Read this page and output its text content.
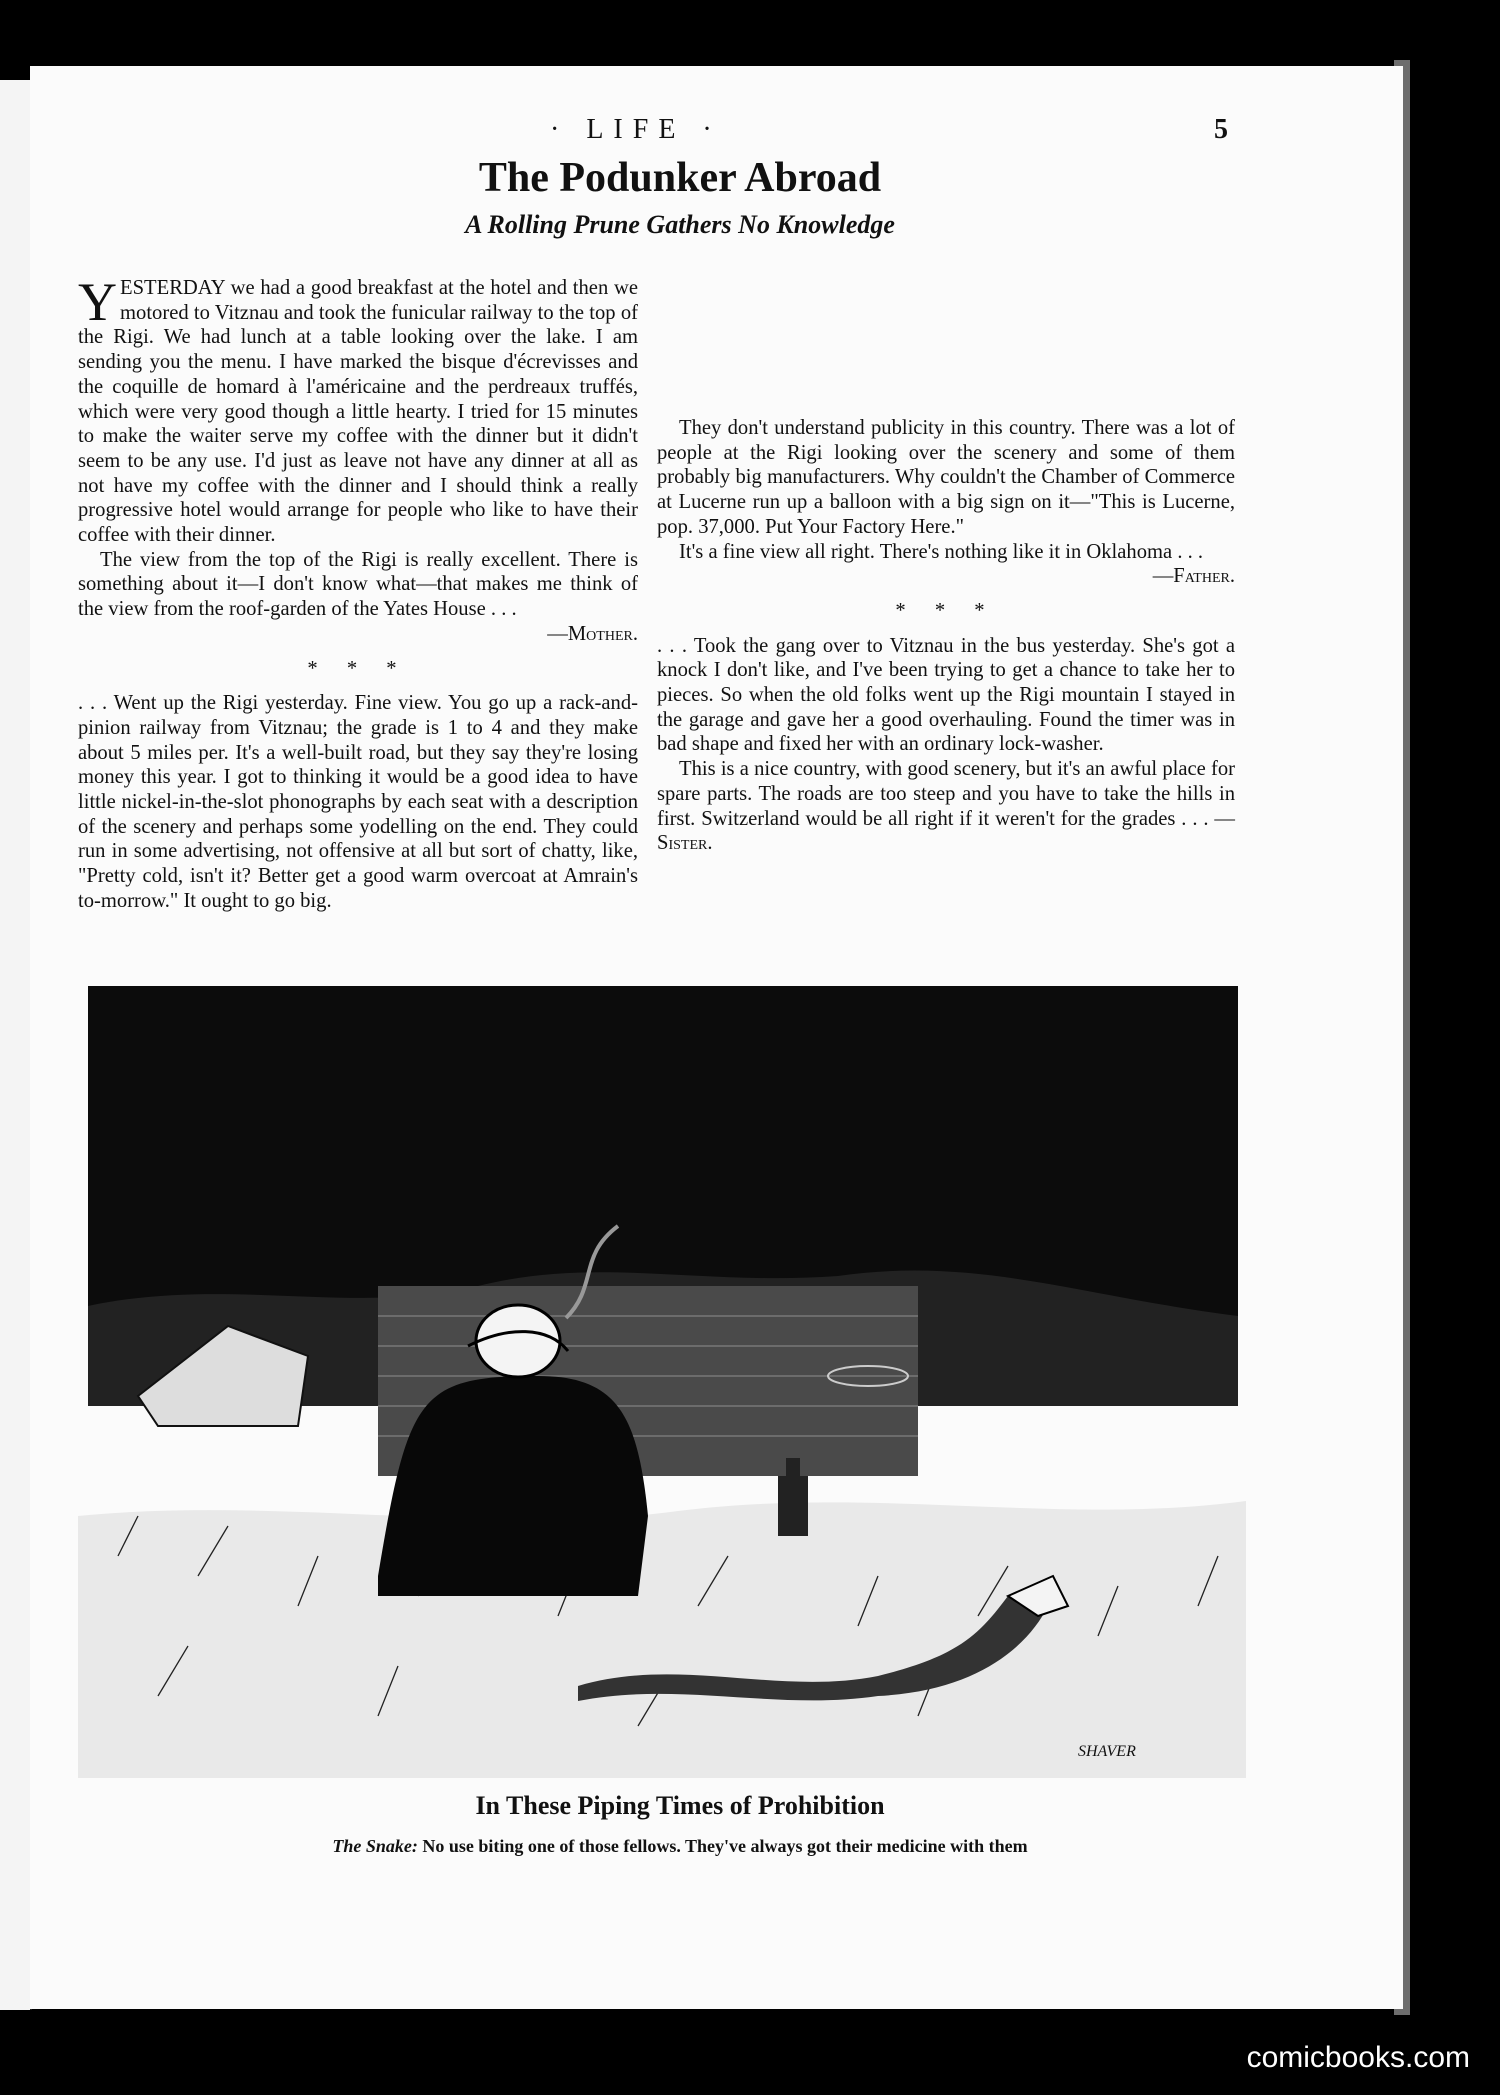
· LIFE ·	5
The Podunker Abroad
A Rolling Prune Gathers No Knowledge

YESTERDAY we had a good breakfast at the hotel and then we motored to Vitznau and took the funicular railway to the top of the Rigi. We had lunch at a table looking over the lake. I am sending you the menu. I have marked the bisque d'écrevisses and the coquille de homard à l'américaine and the perdreaux truffés, which were very good though a little hearty. I tried for 15 minutes to make the waiter serve my coffee with the dinner but it didn't seem to be any use. I'd just as leave not have any dinner at all as not have my coffee with the dinner and I should think a really progressive hotel would arrange for people who like to have their coffee with their dinner.

The view from the top of the Rigi is really excellent. There is something about it—I don't know what—that makes me think of the view from the roof-garden of the Yates House . . .

—Mother.

* * *

. . . Went up the Rigi yesterday. Fine view. You go up a rack-and-pinion railway from Vitznau; the grade is 1 to 4 and they make about 5 miles per. It's a well-built road, but they say they're losing money this year. I got to thinking it would be a good idea to have little nickel-in-the-slot phonographs by each seat with a description of the scenery and perhaps some yodelling on the end. They could run in some advertising, not offensive at all but sort of chatty, like, "Pretty cold, isn't it? Better get a good warm overcoat at Amrain's to-morrow." It ought to go big.

They don't understand publicity in this country. There was a lot of people at the Rigi looking over the scenery and some of them probably big manufacturers. Why couldn't the Chamber of Commerce at Lucerne run up a balloon with a big sign on it—"This is Lucerne, pop. 37,000. Put Your Factory Here."

It's a fine view all right. There's nothing like it in Oklahoma . . .

—Father.

* * *

. . . Took the gang over to Vitznau in the bus yesterday. She's got a knock I don't like, and I've been trying to get a chance to take her to pieces. So when the old folks went up the Rigi mountain I stayed in the garage and gave her a good overhauling. Found the timer was in bad shape and fixed her with an ordinary lock-washer.

This is a nice country, with good scenery, but it's an awful place for spare parts. The roads are too steep and you have to take the hills in first. Switzerland would be all right if it weren't for the grades . . . —Sister.

SHAVER
In These Piping Times of Prohibition
The Snake: No use biting one of those fellows. They've always got their medicine with them
comicbooks.com
